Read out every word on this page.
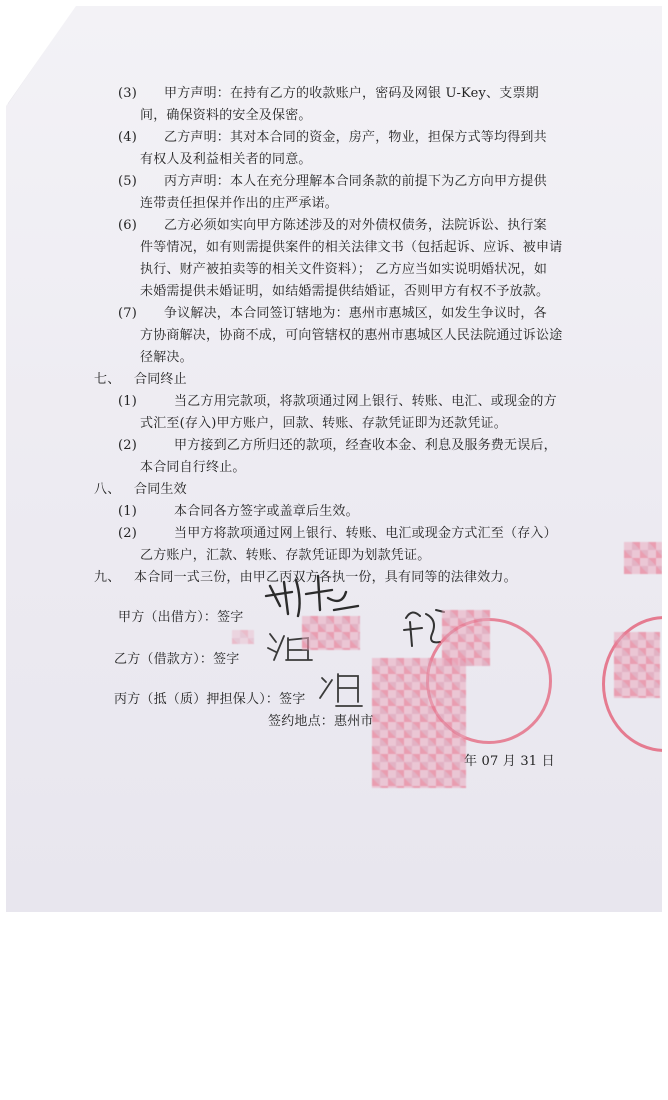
(3) 甲方声明：在持有乙方的收款账户，密码及网银 U-Key、支票期
间，确保资料的安全及保密。
(4) 乙方声明：其对本合同的资金，房产，物业，担保方式等均得到共
有权人及利益相关者的同意。
(5) 丙方声明：本人在充分理解本合同条款的前提下为乙方向甲方提供
连带责任担保并作出的庄严承诺。
(6) 乙方必须如实向甲方陈述涉及的对外债权债务，法院诉讼、执行案
件等情况，如有则需提供案件的相关法律文书（包括起诉、应诉、被申请
执行、财产被拍卖等的相关文件资料）； 乙方应当如实说明婚状况，如
未婚需提供未婚证明，如结婚需提供结婚证，否则甲方有权不予放款。
(7) 争议解决，本合同签订辖地为：惠州市惠城区，如发生争议时，各
方协商解决，协商不成，可向管辖权的惠州市惠城区人民法院通过诉讼途
径解决。
七、 合同终止
(1)	当乙方用完款项，将款项通过网上银行、转账、电汇、或现金的方
式汇至(存入)甲方账户，回款、转账、存款凭证即为还款凭证。
(2)	甲方接到乙方所归还的款项，经查收本金、利息及服务费无误后，
本合同自行终止。
八、 合同生效
(1)	本合同各方签字或盖章后生效。
(2)	当甲方将款项通过网上银行、转账、电汇或现金方式汇至（存入）
乙方账户，汇款、转账、存款凭证即为划款凭证。
九、 本合同一式三份，由甲乙丙双方各执一份，具有同等的法律效力。
甲方（出借方）：签字
乙方（借款方）：签字
丙方（抵（质）押担保人）：签字
签约地点：惠州市
年 07 月 31 日
